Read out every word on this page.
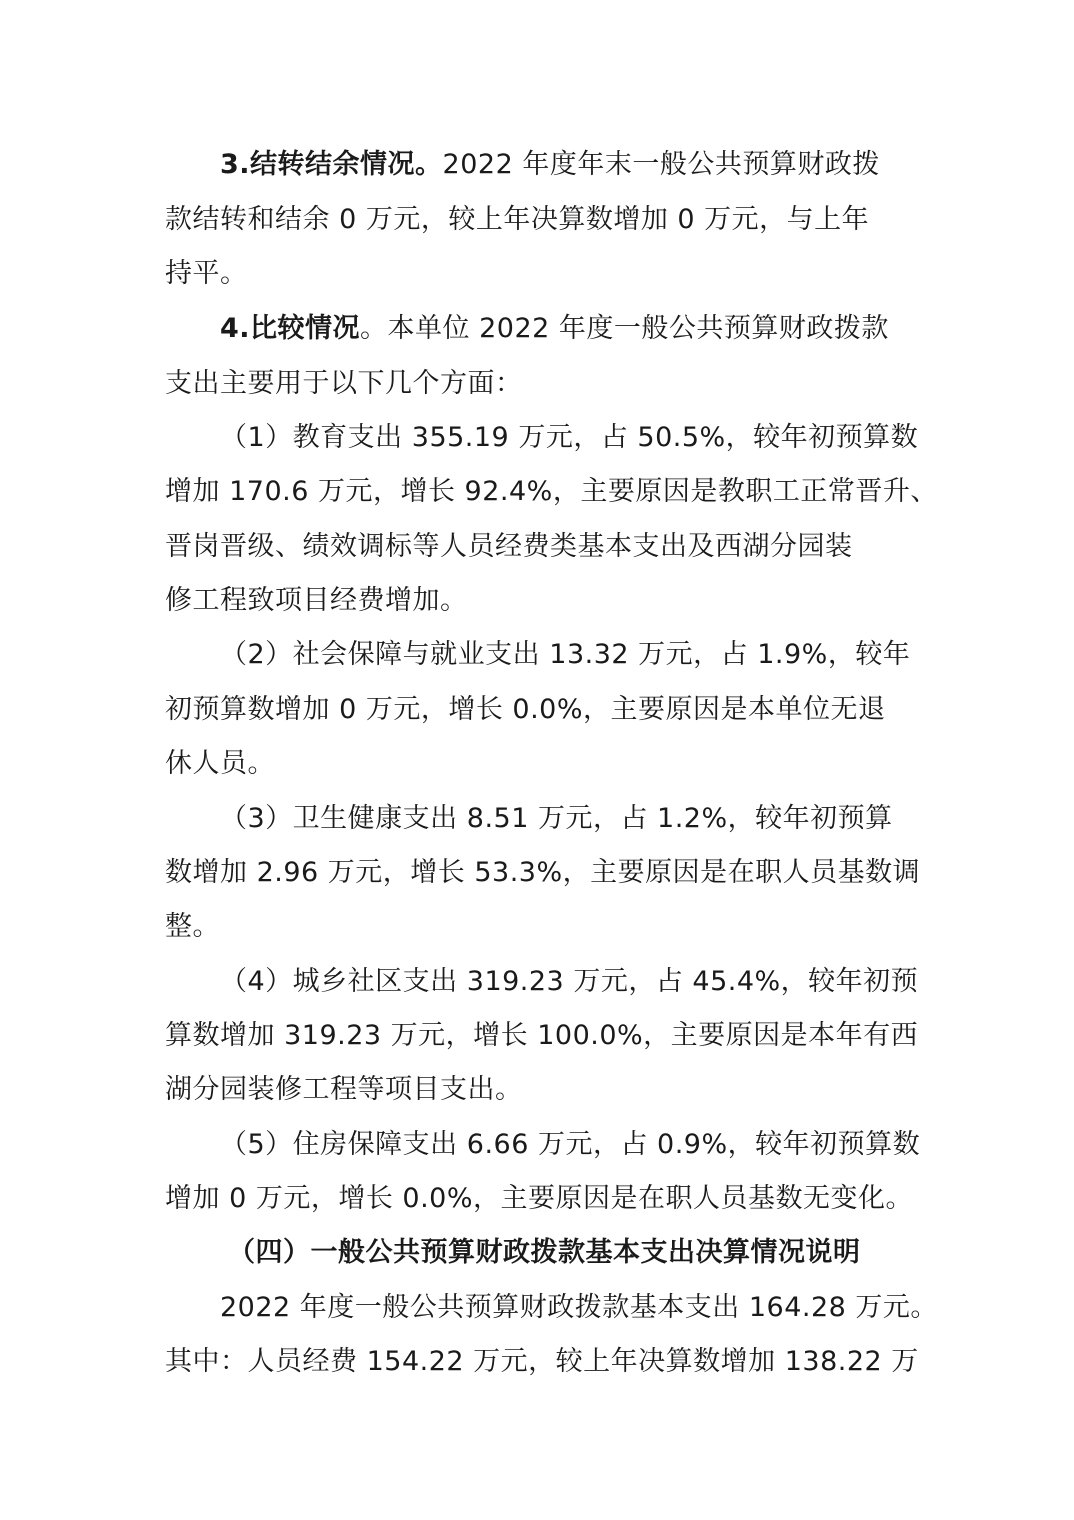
3.结转结余情况。2022 年度年末一般公共预算财政拨
款结转和结余 0 万元，较上年决算数增加 0 万元，与上年
持平。
4.比较情况。本单位 2022 年度一般公共预算财政拨款
支出主要用于以下几个方面：
（1）教育支出 355.19 万元，占 50.5%，较年初预算数
增加 170.6 万元，增长 92.4%，主要原因是教职工正常晋升、
晋岗晋级、绩效调标等人员经费类基本支出及西湖分园装
修工程致项目经费增加。
（2）社会保障与就业支出 13.32 万元，占 1.9%，较年
初预算数增加 0 万元，增长 0.0%，主要原因是本单位无退
休人员。
（3）卫生健康支出 8.51 万元，占 1.2%，较年初预算
数增加 2.96 万元，增长 53.3%，主要原因是在职人员基数调
整。
（4）城乡社区支出 319.23 万元，占 45.4%，较年初预
算数增加 319.23 万元，增长 100.0%，主要原因是本年有西
湖分园装修工程等项目支出。
（5）住房保障支出 6.66 万元，占 0.9%，较年初预算数
增加 0 万元，增长 0.0%，主要原因是在职人员基数无变化。
（四）一般公共预算财政拨款基本支出决算情况说明
2022 年度一般公共预算财政拨款基本支出 164.28 万元。
其中：人员经费 154.22 万元，较上年决算数增加 138.22 万
